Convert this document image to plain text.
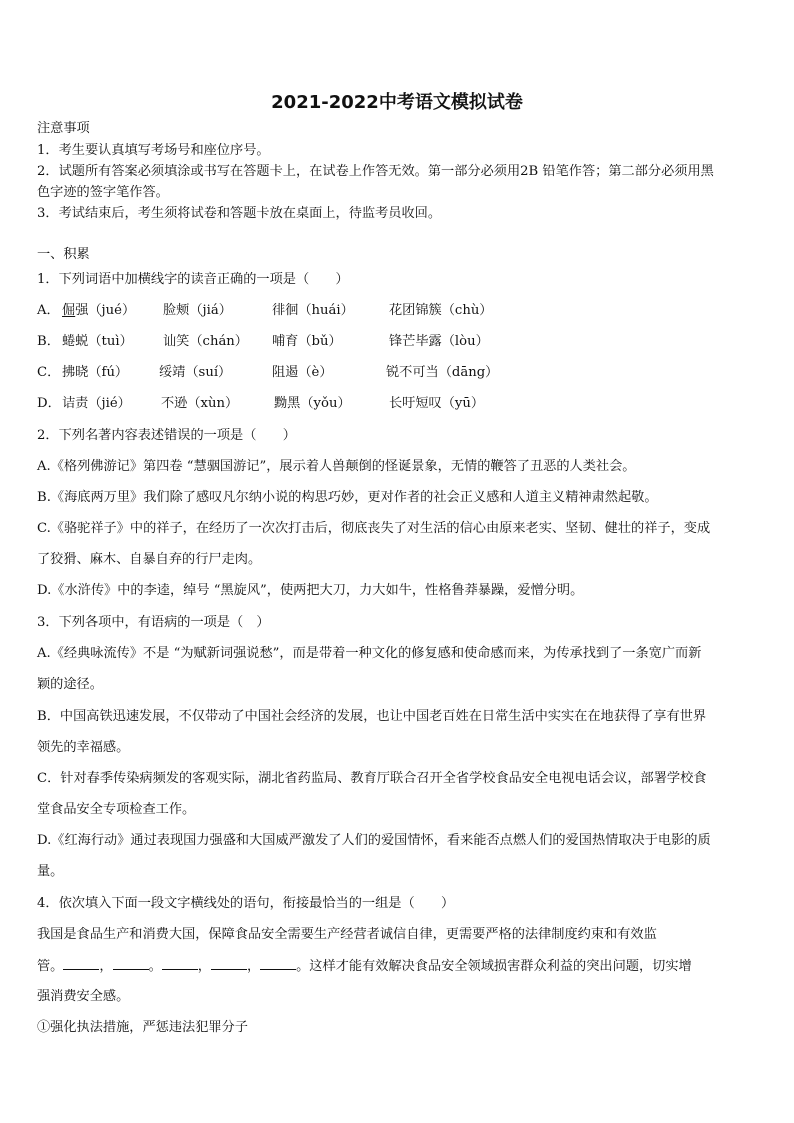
2021-2022中考语文模拟试卷
注意事项
1．考生要认真填写考场号和座位序号。
2．试题所有答案必须填涂或书写在答题卡上，在试卷上作答无效。第一部分必须用2B 铅笔作答；第二部分必须用黑
色字迹的签字笔作答。
3．考试结束后，考生须将试卷和答题卡放在桌面上，待监考员收回。
一、积累
1．下列词语中加横线字的读音正确的一项是（　　）
A． 倔强（jué） 脸颊（jiá）	徘徊（huái）	花团锦簇（chù）
B． 蜷蜕（tuì） 讪笑（chán） 哺育（bǔ）	锋芒毕露（lòu）
C． 拂晓（fú） 绥靖（suí）	阻遏（è）	锐不可当（dāng）
D． 诘责（jié） 不逊（xùn）	黝黑（yǒu）	长吁短叹（yū）
2．下列名著内容表述错误的一项是（　　）
A.《格列佛游记》第四卷 “慧骃国游记”，展示着人兽颠倒的怪诞景象，无情的鞭答了丑恶的人类社会。
B.《海底两万里》我们除了感叹凡尔纳小说的构思巧妙，更对作者的社会正义感和人道主义精神肃然起敬。
C.《骆驼祥子》中的祥子，在经历了一次次打击后，彻底丧失了对生活的信心由原来老实、坚韧、健壮的祥子，变成
了狡猾、麻木、自暴自弃的行尸走肉。
D.《水浒传》中的李逵，绰号 “黑旋风”，使两把大刀，力大如牛，性格鲁莽暴躁，爱憎分明。
3．下列各项中，有语病的一项是（　）
A.《经典咏流传》不是 “为赋新词强说愁”，而是带着一种文化的修复感和使命感而来，为传承找到了一条宽广而新
颖的途径。
B．中国高铁迅速发展，不仅带动了中国社会经济的发展，也让中国老百姓在日常生活中实实在在地获得了享有世界
领先的幸福感。
C．针对春季传染病频发的客观实际，湖北省药监局、教育厅联合召开全省学校食品安全电视电话会议，部署学校食
堂食品安全专项检查工作。
D.《红海行动》通过表现国力强盛和大国威严激发了人们的爱国情怀，看来能否点燃人们的爱国热情取决于电影的质
量。
4．依次填入下面一段文字横线处的语句，衔接最恰当的一组是（　　）
我国是食品生产和消费大国，保障食品安全需要生产经营者诚信自律，更需要严格的法律制度约束和有效监
管。	，	。	，	，	。这样才能有效解决食品安全领域损害群众利益的突出问题，切实增
强消费安全感。
①强化执法措施，严惩违法犯罪分子
